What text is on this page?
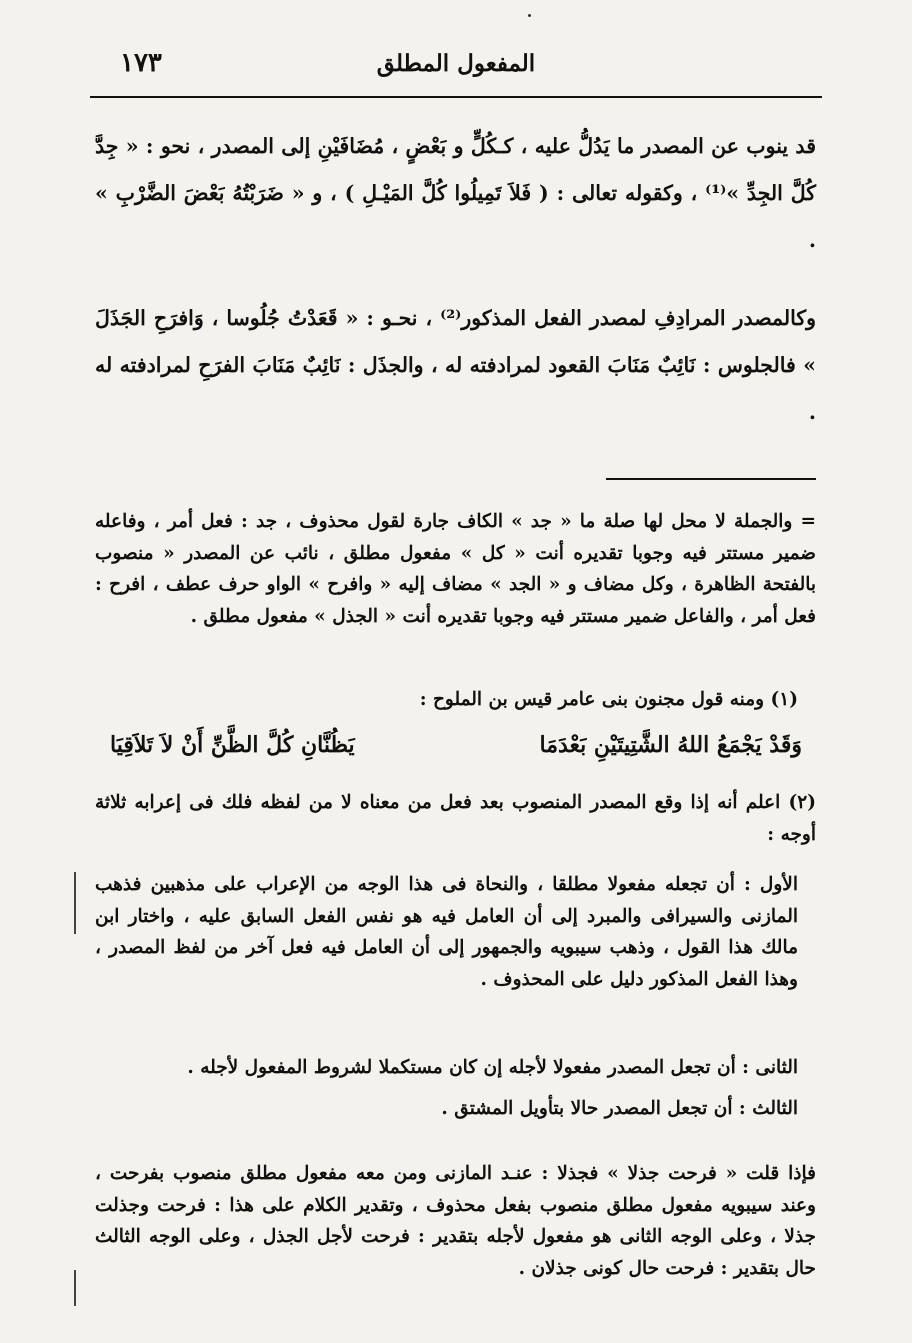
المفعول المطلق
١٧٣

قد ينوب عن المصدر ما يَدُلُّ عليه ، كـكُلٍّ و بَعْضٍ ، مُضَافَيْنِ إلى المصدر ، نحو : « جِدَّ كُلَّ الجِدِّ »⁽¹⁾ ، وكقوله تعالى : ( فَلاَ تَمِيلُوا كُلَّ المَيْـلِ ) ، و « ضَرَبْتُهُ بَعْضَ الضَّرْبِ » .

وكالمصدر المرادِفِ لمصدر الفعل المذكور⁽²⁾ ، نحـو : « قَعَدْتُ جُلُوسا ، وَافرَحِ الجَذَلَ » فالجلوس : نَائِبٌ مَنَابَ القعود لمرادفته له ، والجذَل : نَائِبٌ مَنَابَ الفرَحِ لمرادفته له .

= والجملة لا محل لها صلة ما « جد » الكاف جارة لقول محذوف ، جد : فعل أمر ، وفاعله ضمير مستتر فيه وجوبا تقديره أنت « كل » مفعول مطلق ، نائب عن المصدر « منصوب بالفتحة الظاهرة ، وكل مضاف و « الجد » مضاف إليه « وافرح » الواو حرف عطف ، افرح : فعل أمر ، والفاعل ضمير مستتر فيه وجوبا تقديره أنت « الجذل » مفعول مطلق .

(١) ومنه قول مجنون بنى عامر قيس بن الملوح :

وَقَدْ يَجْمَعُ اللهُ الشَّتِيتَيْنِ بَعْدَمَا
يَظُنَّانِ كُلَّ الظَّنِّ أَنْ لاَ تَلاَقِيَا

(٢) اعلم أنه إذا وقع المصدر المنصوب بعد فعل من معناه لا من لفظه فلك فى إعرابه ثلاثة أوجه :

الأول : أن تجعله مفعولا مطلقا ، والنحاة فى هذا الوجه من الإعراب على مذهبين فذهب المازنى والسيرافى والمبرد إلى أن العامل فيه هو نفس الفعل السابق عليه ، واختار ابن مالك هذا القول ، وذهب سيبويه والجمهور إلى أن العامل فيه فعل آخر من لفظ المصدر ، وهذا الفعل المذكور دليل على المحذوف .

الثانى : أن تجعل المصدر مفعولا لأجله إن كان مستكملا لشروط المفعول لأجله .

الثالث : أن تجعل المصدر حالا بتأويل المشتق .

فإذا قلت « فرحت جذلا » فجذلا : عنـد المازنى ومن معه مفعول مطلق منصوب بفرحت ، وعند سيبويه مفعول مطلق منصوب بفعل محذوف ، وتقدير الكلام على هذا : فرحت وجذلت جذلا ، وعلى الوجه الثانى هو مفعول لأجله بتقدير : فرحت لأجل الجذل ، وعلى الوجه الثالث حال بتقدير : فرحت حال كونى جذلان .
